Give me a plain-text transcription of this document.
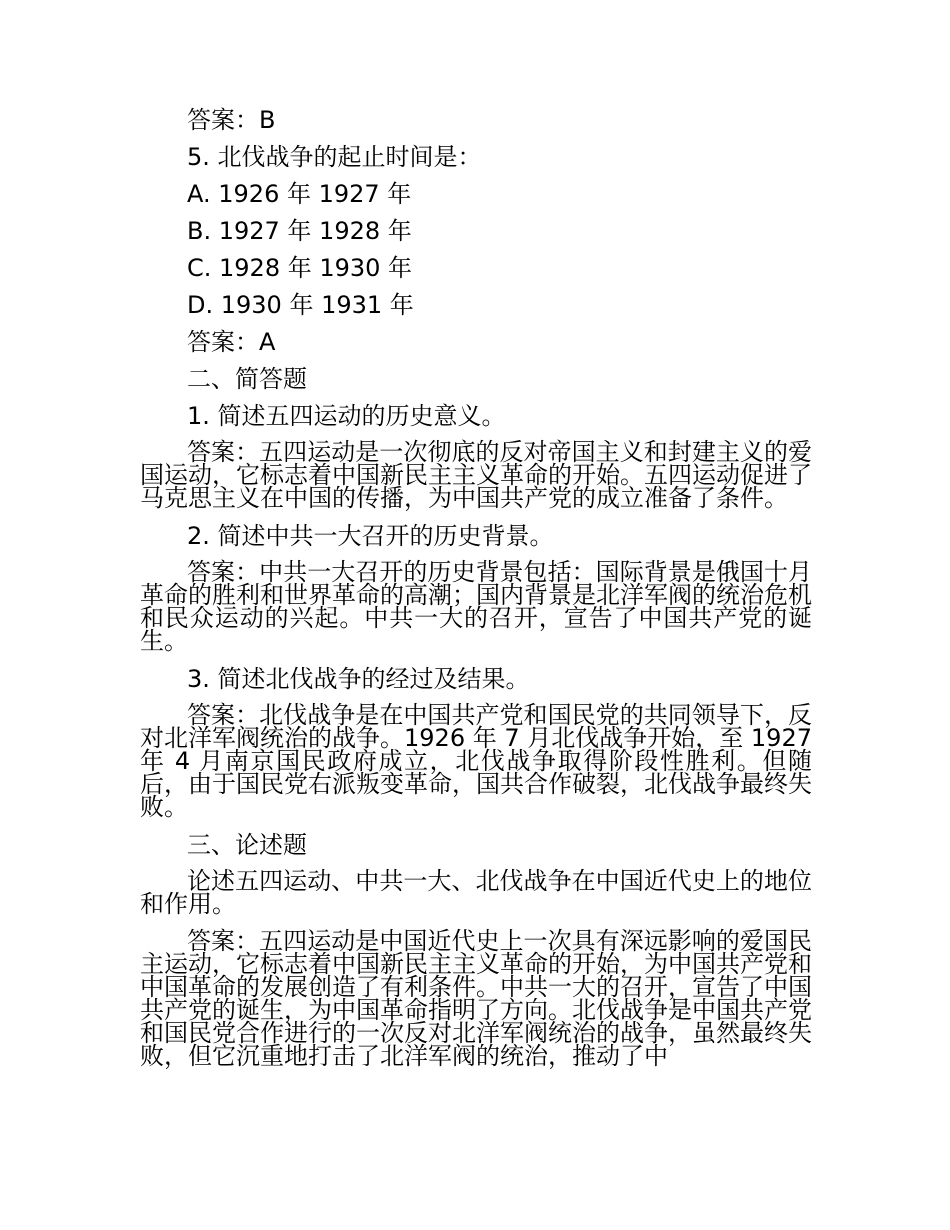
答案：B
5. 北伐战争的起止时间是：
A. 1926 年 1927 年
B. 1927 年 1928 年
C. 1928 年 1930 年
D. 1930 年 1931 年
答案：A
二、简答题
1. 简述五四运动的历史意义。

答案：五四运动是一次彻底的反对帝国主义和封建主义的爱国运动，它标志着中国新民主主义革命的开始。五四运动促进了马克思主义在中国的传播，为中国共产党的成立准备了条件。

2. 简述中共一大召开的历史背景。

答案：中共一大召开的历史背景包括：国际背景是俄国十月革命的胜利和世界革命的高潮；国内背景是北洋军阀的统治危机和民众运动的兴起。中共一大的召开，宣告了中国共产党的诞生。

3. 简述北伐战争的经过及结果。

答案：北伐战争是在中国共产党和国民党的共同领导下，反对北洋军阀统治的战争。1926 年 7 月北伐战争开始，至 1927 年 4 月南京国民政府成立，北伐战争取得阶段性胜利。但随后，由于国民党右派叛变革命，国共合作破裂，北伐战争最终失败。

三、论述题

论述五四运动、中共一大、北伐战争在中国近代史上的地位和作用。

答案：五四运动是中国近代史上一次具有深远影响的爱国民主运动，它标志着中国新民主主义革命的开始，为中国共产党和中国革命的发展创造了有利条件。中共一大的召开，宣告了中国共产党的诞生，为中国革命指明了方向。北伐战争是中国共产党和国民党合作进行的一次反对北洋军阀统治的战争，虽然最终失败，但它沉重地打击了北洋军阀的统治，推动了中
